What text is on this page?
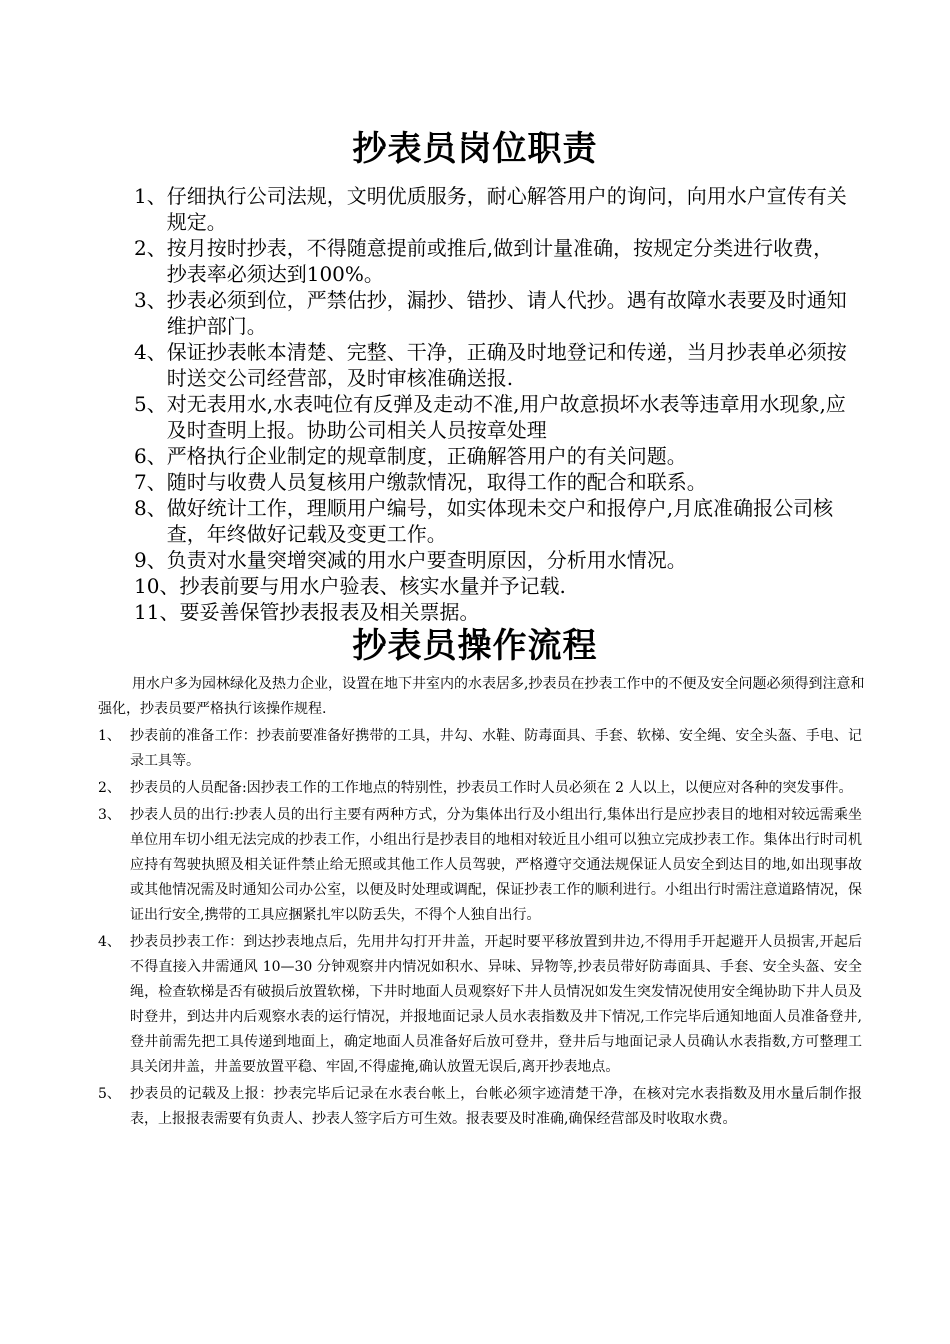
抄表员岗位职责
1、 仔细执行公司法规，文明优质服务，耐心解答用户的询问，向用水户宣传有关规定。
2、 按月按时抄表，不得随意提前或推后,做到计量准确，按规定分类进行收费，抄表率必须达到100%。
3、 抄表必须到位，严禁估抄，漏抄、错抄、请人代抄。遇有故障水表要及时通知维护部门。
4、 保证抄表帐本清楚、完整、干净，正确及时地登记和传递，当月抄表单必须按时送交公司经营部，及时审核准确送报.
5、 对无表用水,水表吨位有反弹及走动不准,用户故意损坏水表等违章用水现象,应及时查明上报。协助公司相关人员按章处理
6、 严格执行企业制定的规章制度，正确解答用户的有关问题。
7、 随时与收费人员复核用户缴款情况，取得工作的配合和联系。
8、 做好统计工作，理顺用户编号，如实体现未交户和报停户,月底准确报公司核查，年终做好记载及变更工作。
9、 负责对水量突增突减的用水户要查明原因，分析用水情况。
10、 抄表前要与用水户验表、核实水量并予记载.
11、 要妥善保管抄表报表及相关票据。
抄表员操作流程

用水户多为园林绿化及热力企业，设置在地下井室内的水表居多,抄表员在抄表工作中的不便及安全问题必须得到注意和强化，抄表员要严格执行该操作规程.

1、 抄表前的准备工作：抄表前要准备好携带的工具，井勾、水鞋、防毒面具、手套、软梯、安全绳、安全头盔、手电、记录工具等。
2、 抄表员的人员配备:因抄表工作的工作地点的特别性，抄表员工作时人员必须在 2 人以上，以便应对各种的突发事件。
3、 抄表人员的出行:抄表人员的出行主要有两种方式，分为集体出行及小组出行,集体出行是应抄表目的地相对较远需乘坐单位用车切小组无法完成的抄表工作，小组出行是抄表目的地相对较近且小组可以独立完成抄表工作。集体出行时司机应持有驾驶执照及相关证件禁止给无照或其他工作人员驾驶，严格遵守交通法规保证人员安全到达目的地,如出现事故或其他情况需及时通知公司办公室，以便及时处理或调配，保证抄表工作的顺利进行。小组出行时需注意道路情况，保证出行安全,携带的工具应捆紧扎牢以防丢失，不得个人独自出行。
4、 抄表员抄表工作：到达抄表地点后，先用井勾打开井盖，开起时要平移放置到井边,不得用手开起避开人员损害,开起后不得直接入井需通风 10—30 分钟观察井内情况如积水、异味、异物等,抄表员带好防毒面具、手套、安全头盔、安全绳，检查软梯是否有破损后放置软梯，下井时地面人员观察好下井人员情况如发生突发情况使用安全绳协助下井人员及时登井，到达井内后观察水表的运行情况，并报地面记录人员水表指数及井下情况,工作完毕后通知地面人员准备登井,登井前需先把工具传递到地面上，确定地面人员准备好后放可登井，登井后与地面记录人员确认水表指数,方可整理工具关闭井盖，井盖要放置平稳、牢固,不得虚掩,确认放置无误后,离开抄表地点。
5、 抄表员的记载及上报：抄表完毕后记录在水表台帐上，台帐必须字迹清楚干净，在核对完水表指数及用水量后制作报表，上报报表需要有负责人、抄表人签字后方可生效。报表要及时准确,确保经营部及时收取水费。
